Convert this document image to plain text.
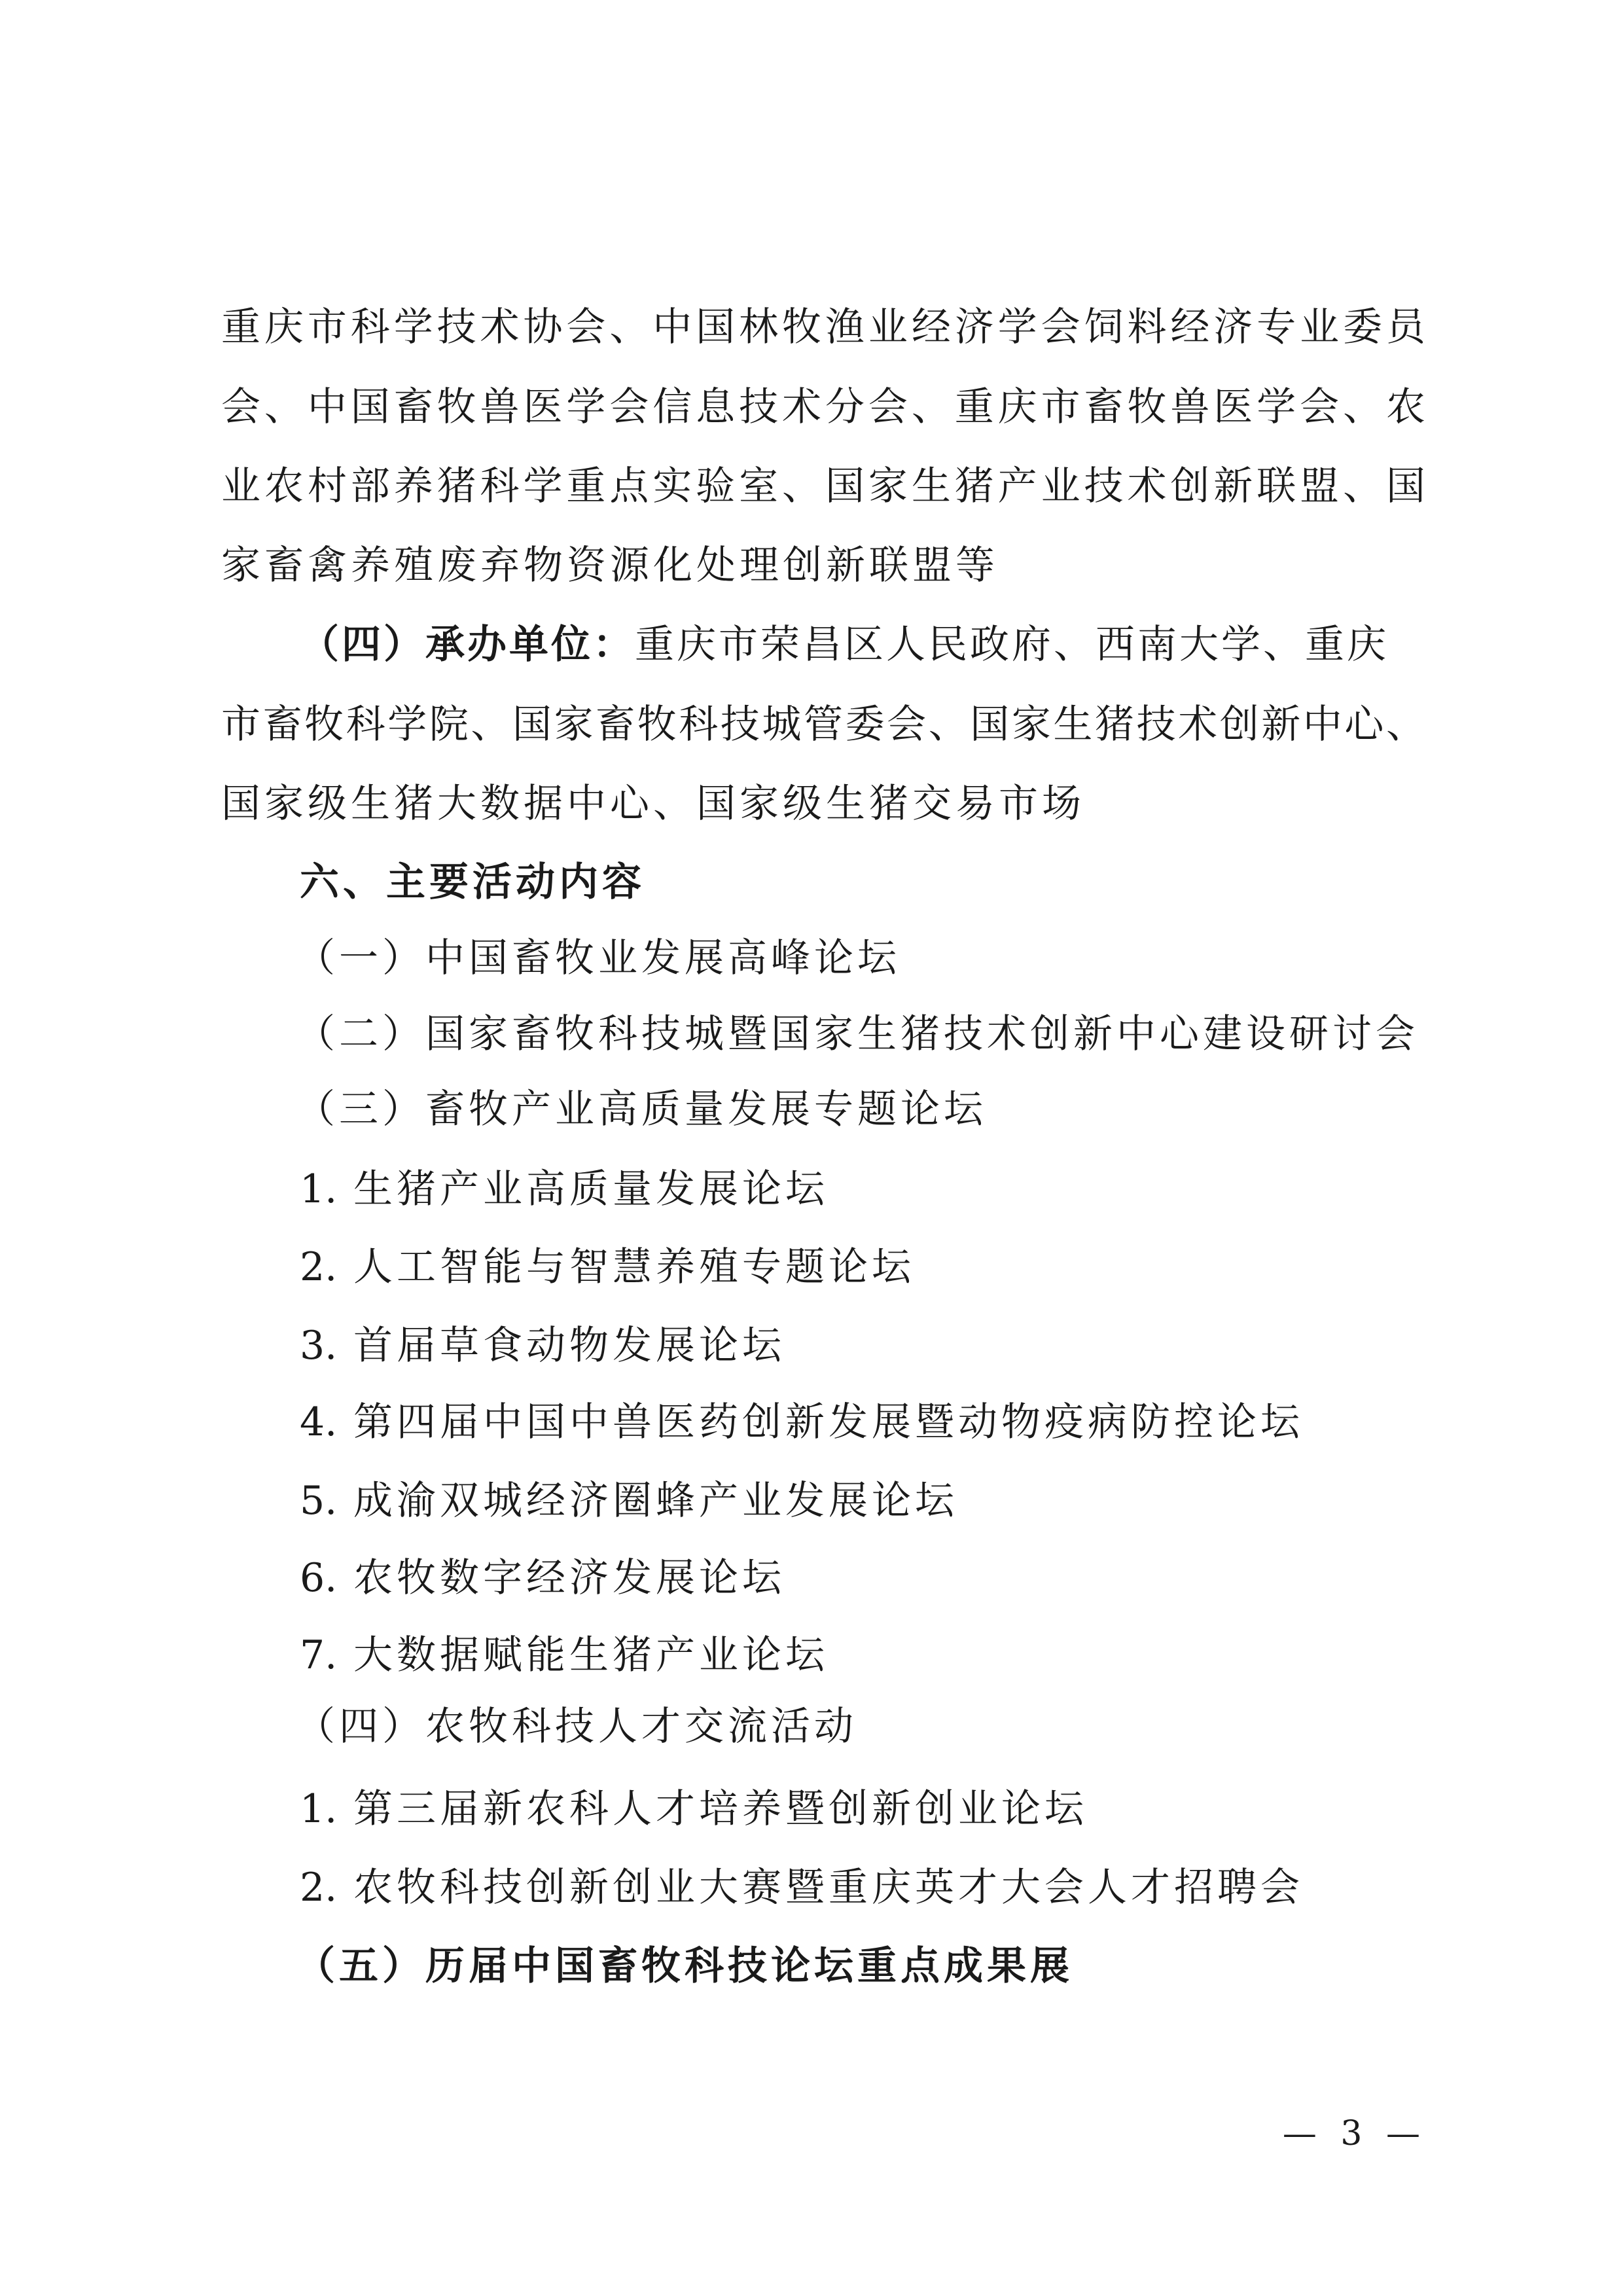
重庆市科学技术协会、中国林牧渔业经济学会饲料经济专业委员
会、中国畜牧兽医学会信息技术分会、重庆市畜牧兽医学会、农
业农村部养猪科学重点实验室、国家生猪产业技术创新联盟、国
家畜禽养殖废弃物资源化处理创新联盟等
（四）承办单位：重庆市荣昌区人民政府、西南大学、重庆
市畜牧科学院、国家畜牧科技城管委会、国家生猪技术创新中心、
国家级生猪大数据中心、国家级生猪交易市场
六、主要活动内容
（一）中国畜牧业发展高峰论坛
（二）国家畜牧科技城暨国家生猪技术创新中心建设研讨会
（三）畜牧产业高质量发展专题论坛
1. 生猪产业高质量发展论坛
2. 人工智能与智慧养殖专题论坛
3. 首届草食动物发展论坛
4. 第四届中国中兽医药创新发展暨动物疫病防控论坛
5. 成渝双城经济圈蜂产业发展论坛
6. 农牧数字经济发展论坛
7. 大数据赋能生猪产业论坛
（四）农牧科技人才交流活动
1. 第三届新农科人才培养暨创新创业论坛
2. 农牧科技创新创业大赛暨重庆英才大会人才招聘会
（五）历届中国畜牧科技论坛重点成果展
— 3 —
